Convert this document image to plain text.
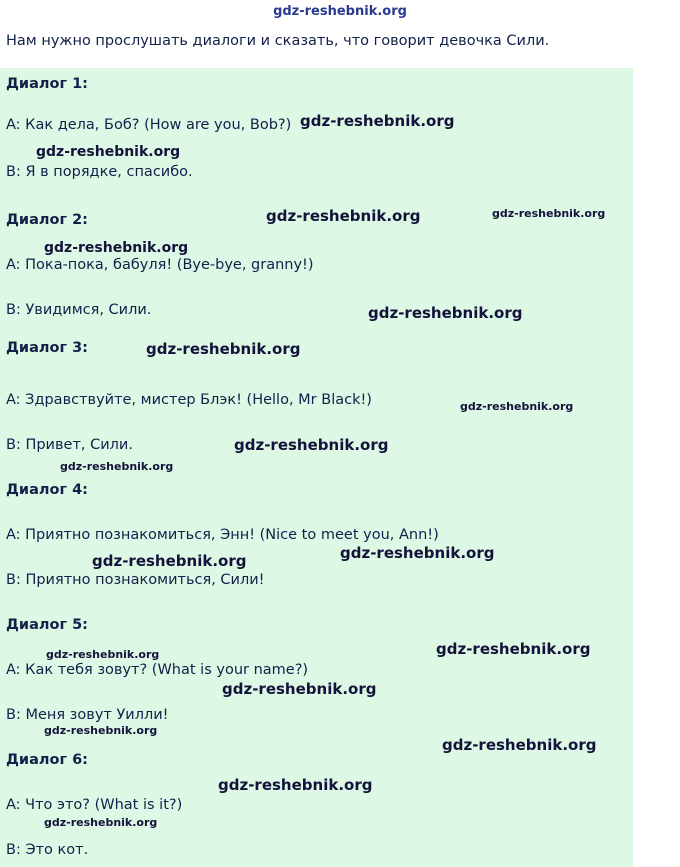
gdz-reshebnik.org
Нам нужно прослушать диалоги и сказать, что говорит девочка Сили.
Диалог 1:
A: Как дела, Боб? (How are you, Bob?)
B: Я в порядке, спасибо.
Диалог 2:
A: Пока-пока, бабуля! (Bye-bye, granny!)
B: Увидимся, Сили.
Диалог 3:
A: Здравствуйте, мистер Блэк! (Hello, Mr Black!)
B: Привет, Сили.
Диалог 4:
A: Приятно познакомиться, Энн! (Nice to meet you, Ann!)
B: Приятно познакомиться, Сили!
Диалог 5:
A: Как тебя зовут? (What is your name?)
B: Меня зовут Уилли!
Диалог 6:
A: Что это? (What is it?)
B: Это кот.
gdz-reshebnik.org
gdz-reshebnik.org
gdz-reshebnik.org	gdz-reshebnik.org
gdz-reshebnik.org
gdz-reshebnik.org
gdz-reshebnik.org
gdz-reshebnik.org
gdz-reshebnik.org
gdz-reshebnik.org
gdz-reshebnik.org	gdz-reshebnik.org
gdz-reshebnik.org	gdz-reshebnik.org
gdz-reshebnik.org
gdz-reshebnik.org
gdz-reshebnik.org
gdz-reshebnik.org
gdz-reshebnik.org
